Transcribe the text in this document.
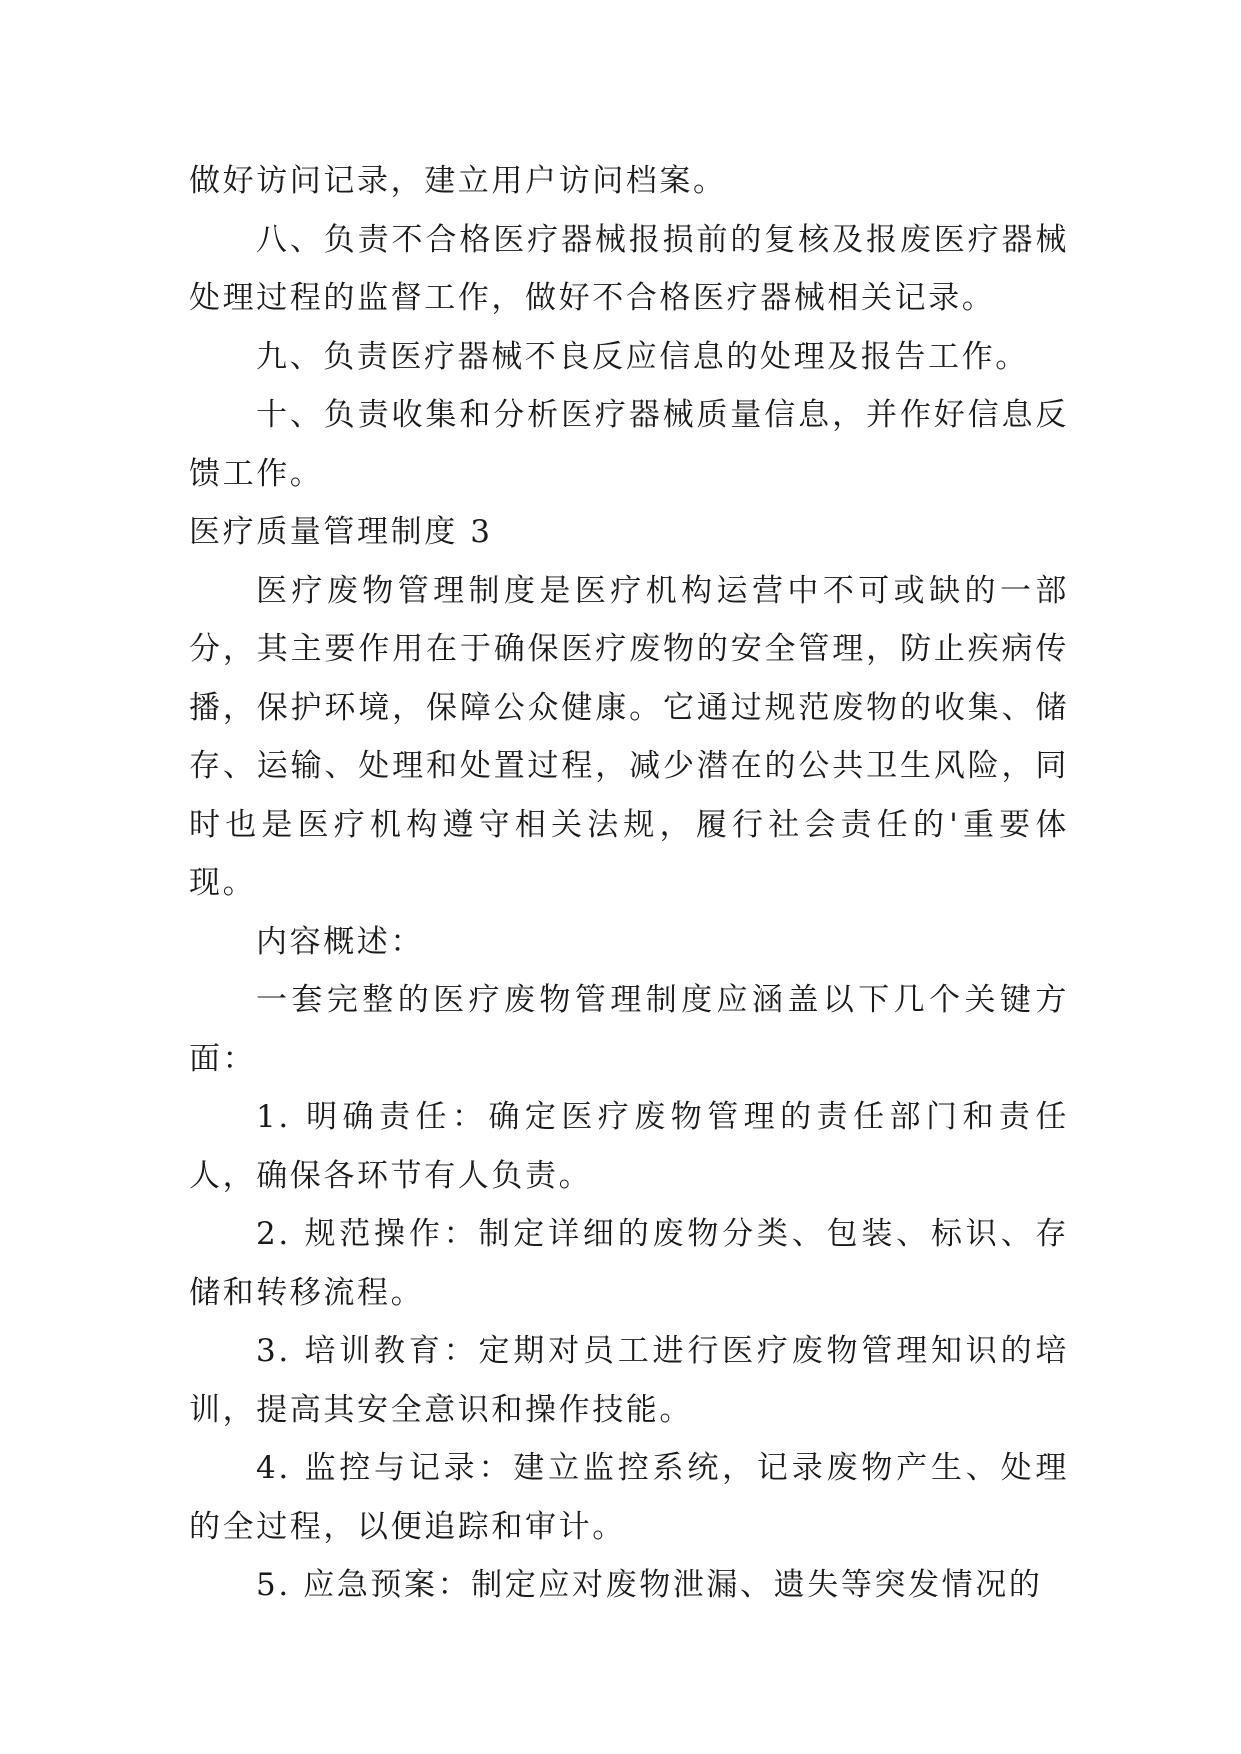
做好访问记录，建立用户访问档案。

八、负责不合格医疗器械报损前的复核及报废医疗器械处理过程的监督工作，做好不合格医疗器械相关记录。

九、负责医疗器械不良反应信息的处理及报告工作。

十、负责收集和分析医疗器械质量信息，并作好信息反馈工作。

医疗质量管理制度 3

医疗废物管理制度是医疗机构运营中不可或缺的一部分，其主要作用在于确保医疗废物的安全管理，防止疾病传播，保护环境，保障公众健康。它通过规范废物的收集、储存、运输、处理和处置过程，减少潜在的公共卫生风险，同时也是医疗机构遵守相关法规，履行社会责任的'重要体现。

内容概述：

一套完整的医疗废物管理制度应涵盖以下几个关键方面：

1. 明确责任：确定医疗废物管理的责任部门和责任人，确保各环节有人负责。

2. 规范操作：制定详细的废物分类、包装、标识、存储和转移流程。

3. 培训教育：定期对员工进行医疗废物管理知识的培训，提高其安全意识和操作技能。

4. 监控与记录：建立监控系统，记录废物产生、处理的全过程，以便追踪和审计。

5. 应急预案：制定应对废物泄漏、遗失等突发情况的
